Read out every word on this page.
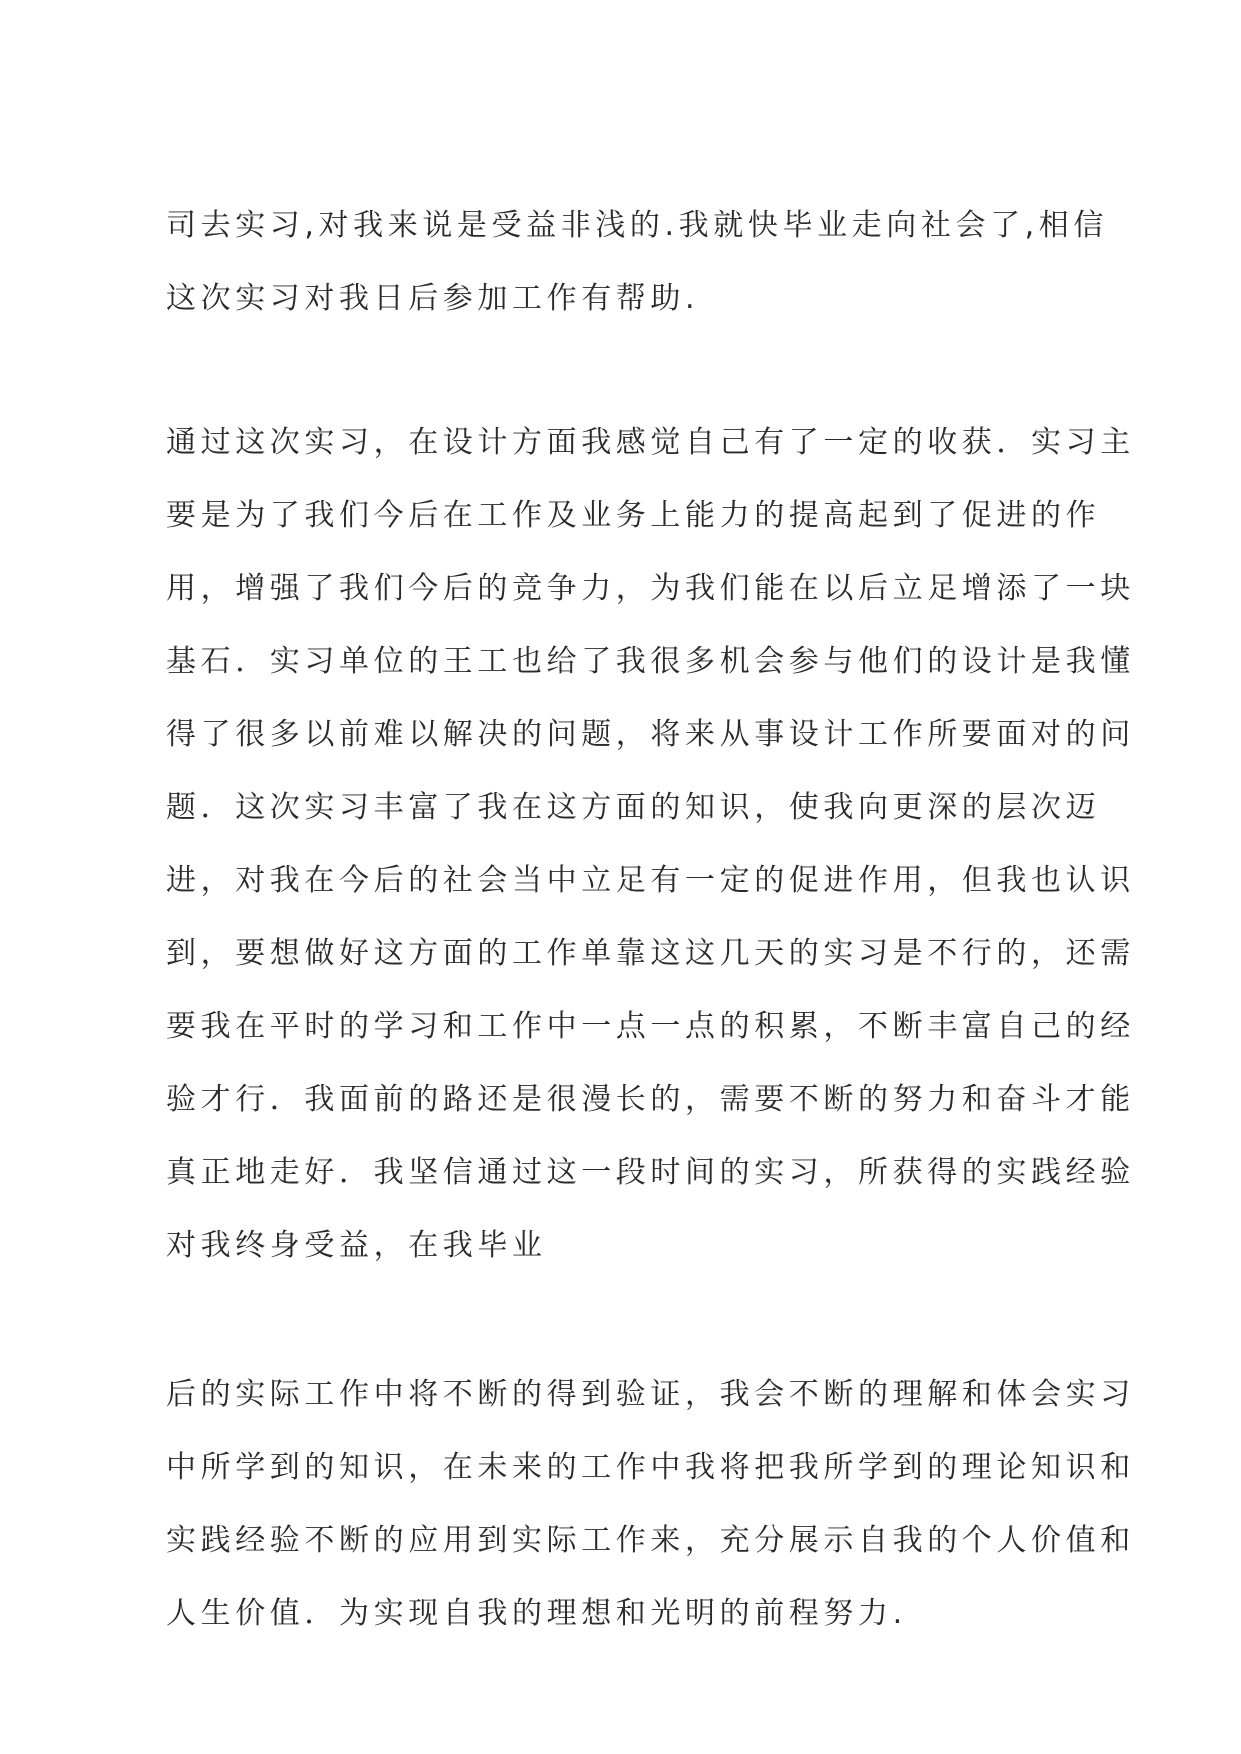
司去实习,对我来说是受益非浅的.我就快毕业走向社会了,相信
这次实习对我日后参加工作有帮助.
通过这次实习，在设计方面我感觉自己有了一定的收获．实习主
要是为了我们今后在工作及业务上能力的提高起到了促进的作
用，增强了我们今后的竞争力，为我们能在以后立足增添了一块
基石．实习单位的王工也给了我很多机会参与他们的设计是我懂
得了很多以前难以解决的问题，将来从事设计工作所要面对的问
题．这次实习丰富了我在这方面的知识，使我向更深的层次迈
进，对我在今后的社会当中立足有一定的促进作用，但我也认识
到，要想做好这方面的工作单靠这这几天的实习是不行的，还需
要我在平时的学习和工作中一点一点的积累，不断丰富自己的经
验才行．我面前的路还是很漫长的，需要不断的努力和奋斗才能
真正地走好．我坚信通过这一段时间的实习，所获得的实践经验
对我终身受益，在我毕业
后的实际工作中将不断的得到验证，我会不断的理解和体会实习
中所学到的知识，在未来的工作中我将把我所学到的理论知识和
实践经验不断的应用到实际工作来，充分展示自我的个人价值和
人生价值．为实现自我的理想和光明的前程努力.
